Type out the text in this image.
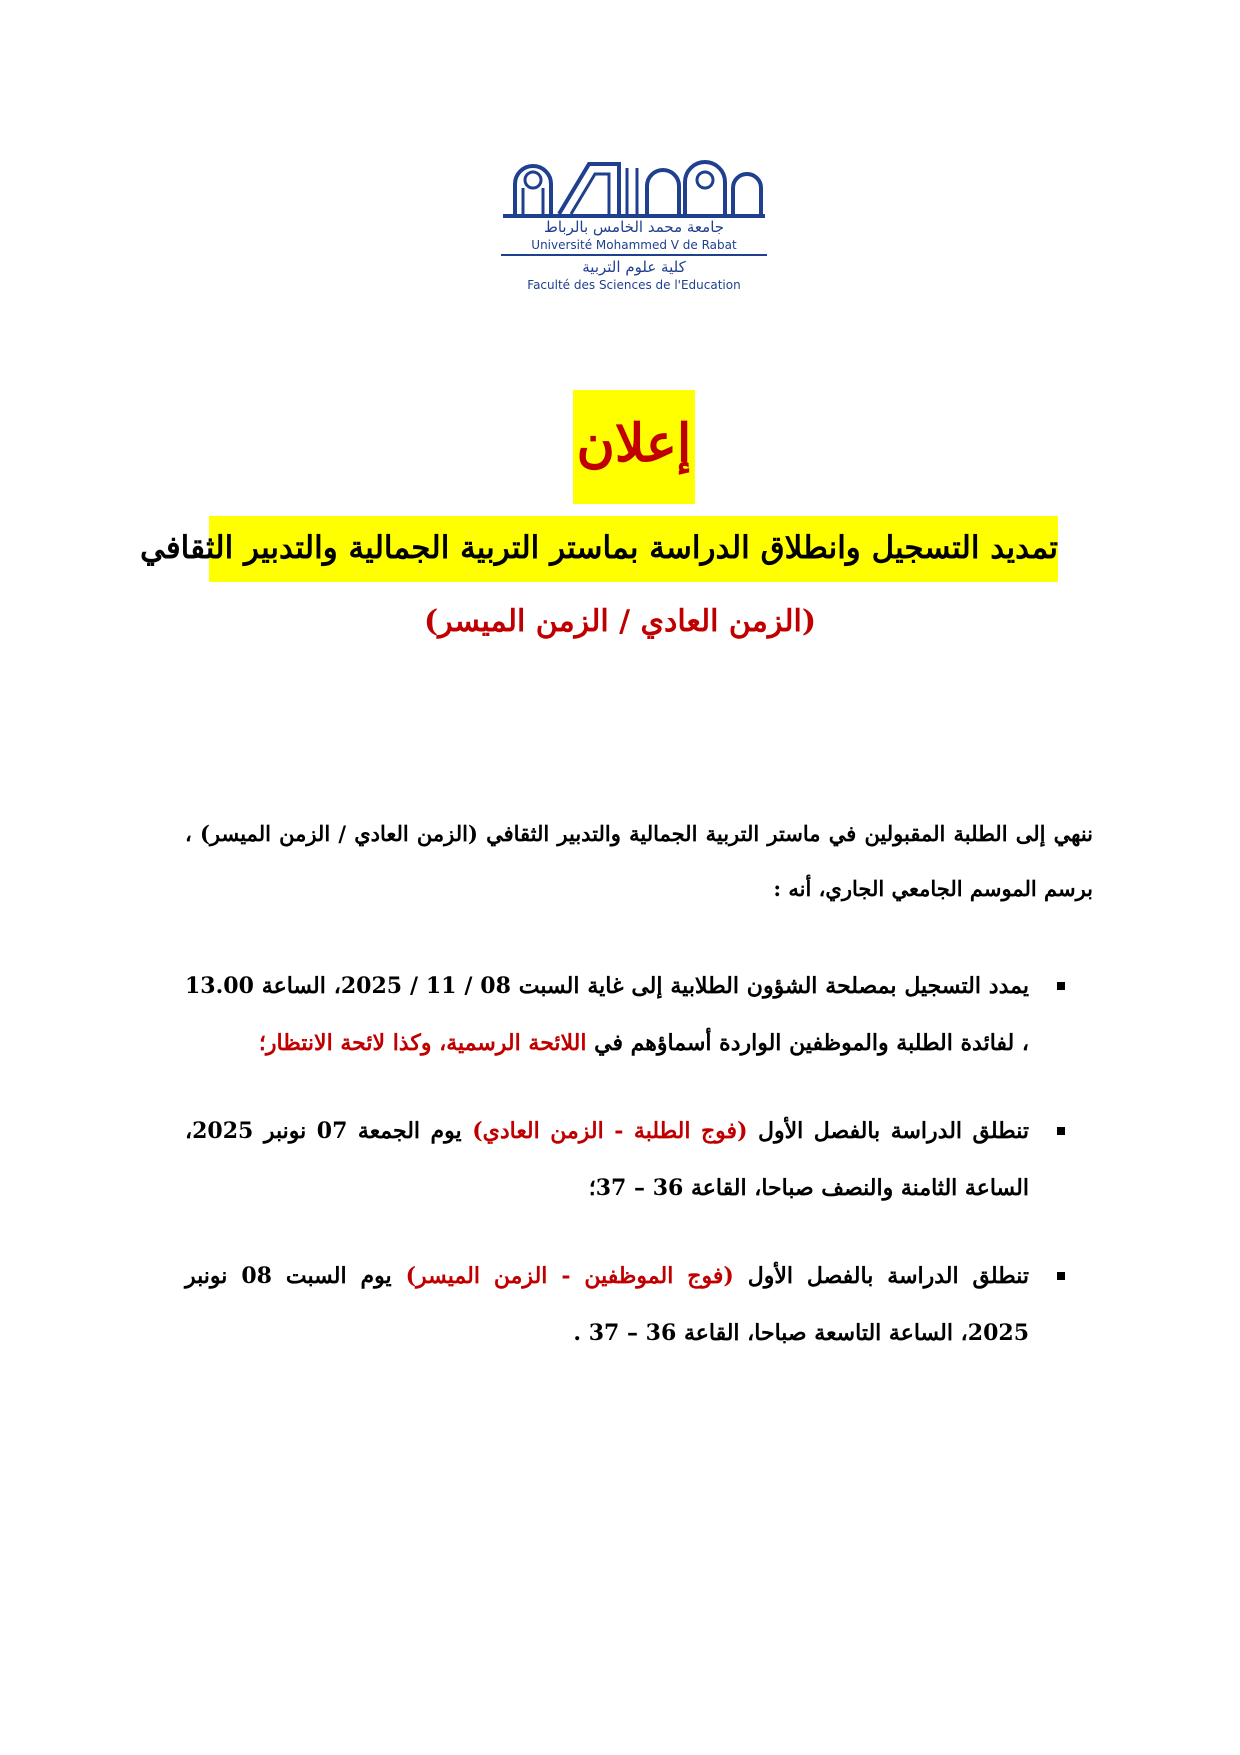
جامعة محمد الخامس بالرباط
Université Mohammed V de Rabat
كلية علوم التربية
Faculté des Sciences de l'Education
إعلان
تمديد التسجيل وانطلاق الدراسة بماستر التربية الجمالية والتدبير الثقافي
(الزمن العادي / الزمن الميسر)
ننهي إلى الطلبة المقبولين في ماستر التربية الجمالية والتدبير الثقافي (الزمن العادي / الزمن الميسر) ، برسم الموسم الجامعي الجاري، أنه :
يمدد التسجيل بمصلحة الشؤون الطلابية إلى غاية السبت 08 / 11 / 2025، الساعة 13.00 ، لفائدة الطلبة والموظفين الواردة أسماؤهم في اللائحة الرسمية، وكذا لائحة الانتظار؛
تنطلق الدراسة بالفصل الأول (فوج الطلبة - الزمن العادي) يوم الجمعة 07 نونبر 2025، الساعة الثامنة والنصف صباحا، القاعة 36 – 37؛
تنطلق الدراسة بالفصل الأول (فوج الموظفين - الزمن الميسر) يوم السبت 08 نونبر 2025، الساعة التاسعة صباحا، القاعة 36 – 37 .
